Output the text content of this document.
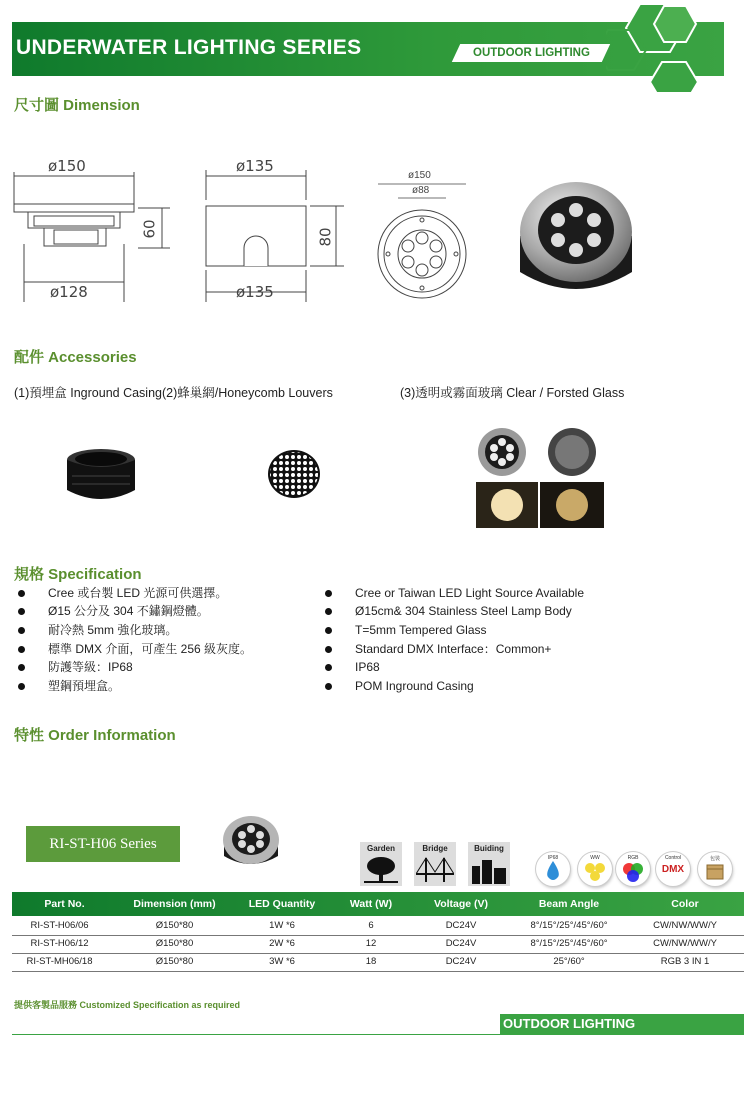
UNDERWATER LIGHTING SERIES	OUTDOOR LIGHTING
尺寸圖 Dimension
ø150
60
ø128
ø135
80
ø135
ø150
ø88
配件 Accessories
(1)預埋盒 Inground Casing(2)蜂巢網/Honeycomb Louvers	(3)透明或霧面玻璃 Clear / Forsted Glass
規格 Specification
Cree 或台製 LED 光源可供選擇。
Ø15 公分及 304 不鏽鋼燈體。
耐冷熱 5mm 強化玻璃。
標準 DMX 介面，可產生 256 級灰度。
防護等級：IP68
塑鋼預埋盒。
Cree or Taiwan LED Light Source Available
Ø15cm& 304 Stainless Steel Lamp Body
T=5mm Tempered Glass
Standard DMX Interface：Common+
IP68
POM Inground Casing
特性 Order Information
RI-ST-H06 Series	Garden	Bridge	Buiding
IP68	WW	RGB	Control
DMX
包裝
Part No.	Dimension (mm)	LED Quantity	Watt (W)	Voltage (V)	Beam Angle	Color
RI-ST-H06/06	Ø150*80	1W *6	6	DC24V	8°/15°/25°/45°/60°	CW/NW/WW/Y
RI-ST-H06/12	Ø150*80	2W *6	12	DC24V	8°/15°/25°/45°/60°	CW/NW/WW/Y
RI-ST-MH06/18	Ø150*80	3W *6	18	DC24V	25°/60°	RGB 3 IN 1
提供客製品服務 Customized Specification as required
OUTDOOR LIGHTING
